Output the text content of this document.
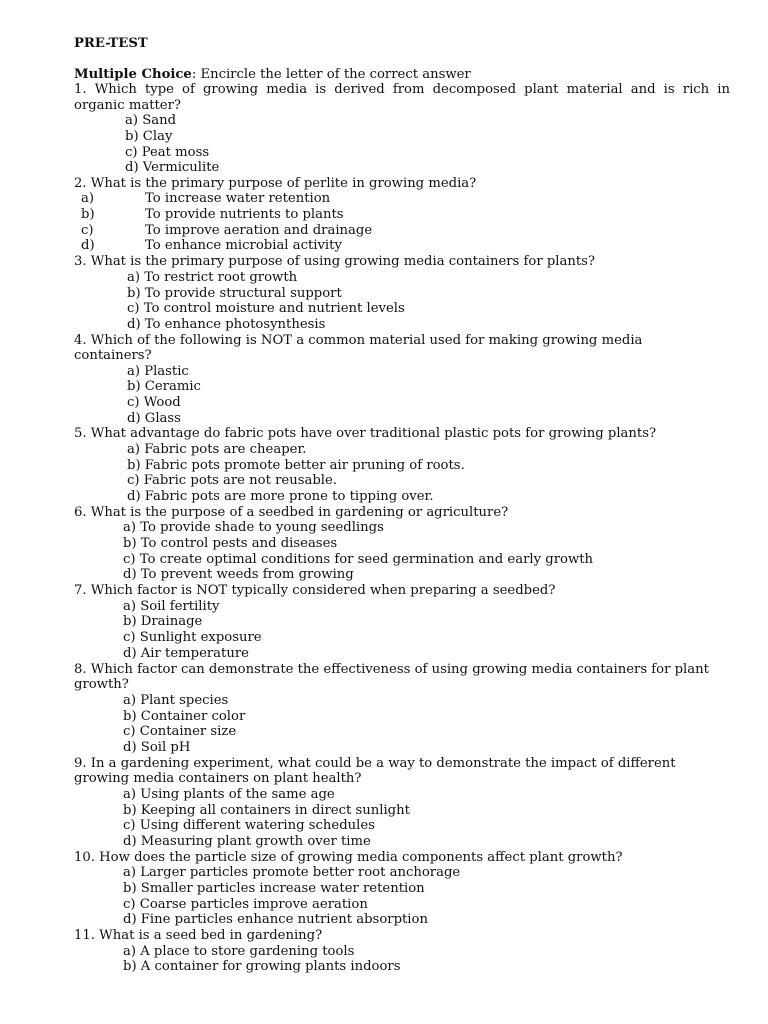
PRE-TEST
Multiple Choice: Encircle the letter of the correct answer
1. Which type of growing media is derived from decomposed plant material and is rich in
organic matter?
a) Sand
b) Clay
c) Peat moss
d) Vermiculite
2. What is the primary purpose of perlite in growing media?
a)	To increase water retention
b)	To provide nutrients to plants
c)	To improve aeration and drainage
d)	To enhance microbial activity
3. What is the primary purpose of using growing media containers for plants?
a) To restrict root growth
b) To provide structural support
c) To control moisture and nutrient levels
d) To enhance photosynthesis
4. Which of the following is NOT a common material used for making growing media
containers?
a) Plastic
b) Ceramic
c) Wood
d) Glass
5. What advantage do fabric pots have over traditional plastic pots for growing plants?
a) Fabric pots are cheaper.
b) Fabric pots promote better air pruning of roots.
c) Fabric pots are not reusable.
d) Fabric pots are more prone to tipping over.
6. What is the purpose of a seedbed in gardening or agriculture?
a) To provide shade to young seedlings
b) To control pests and diseases
c) To create optimal conditions for seed germination and early growth
d) To prevent weeds from growing
7. Which factor is NOT typically considered when preparing a seedbed?
a) Soil fertility
b) Drainage
c) Sunlight exposure
d) Air temperature
8. Which factor can demonstrate the effectiveness of using growing media containers for plant
growth?
a) Plant species
b) Container color
c) Container size
d) Soil pH
9. In a gardening experiment, what could be a way to demonstrate the impact of different
growing media containers on plant health?
a) Using plants of the same age
b) Keeping all containers in direct sunlight
c) Using different watering schedules
d) Measuring plant growth over time
10. How does the particle size of growing media components affect plant growth?
a) Larger particles promote better root anchorage
b) Smaller particles increase water retention
c) Coarse particles improve aeration
d) Fine particles enhance nutrient absorption
11. What is a seed bed in gardening?
a) A place to store gardening tools
b) A container for growing plants indoors
